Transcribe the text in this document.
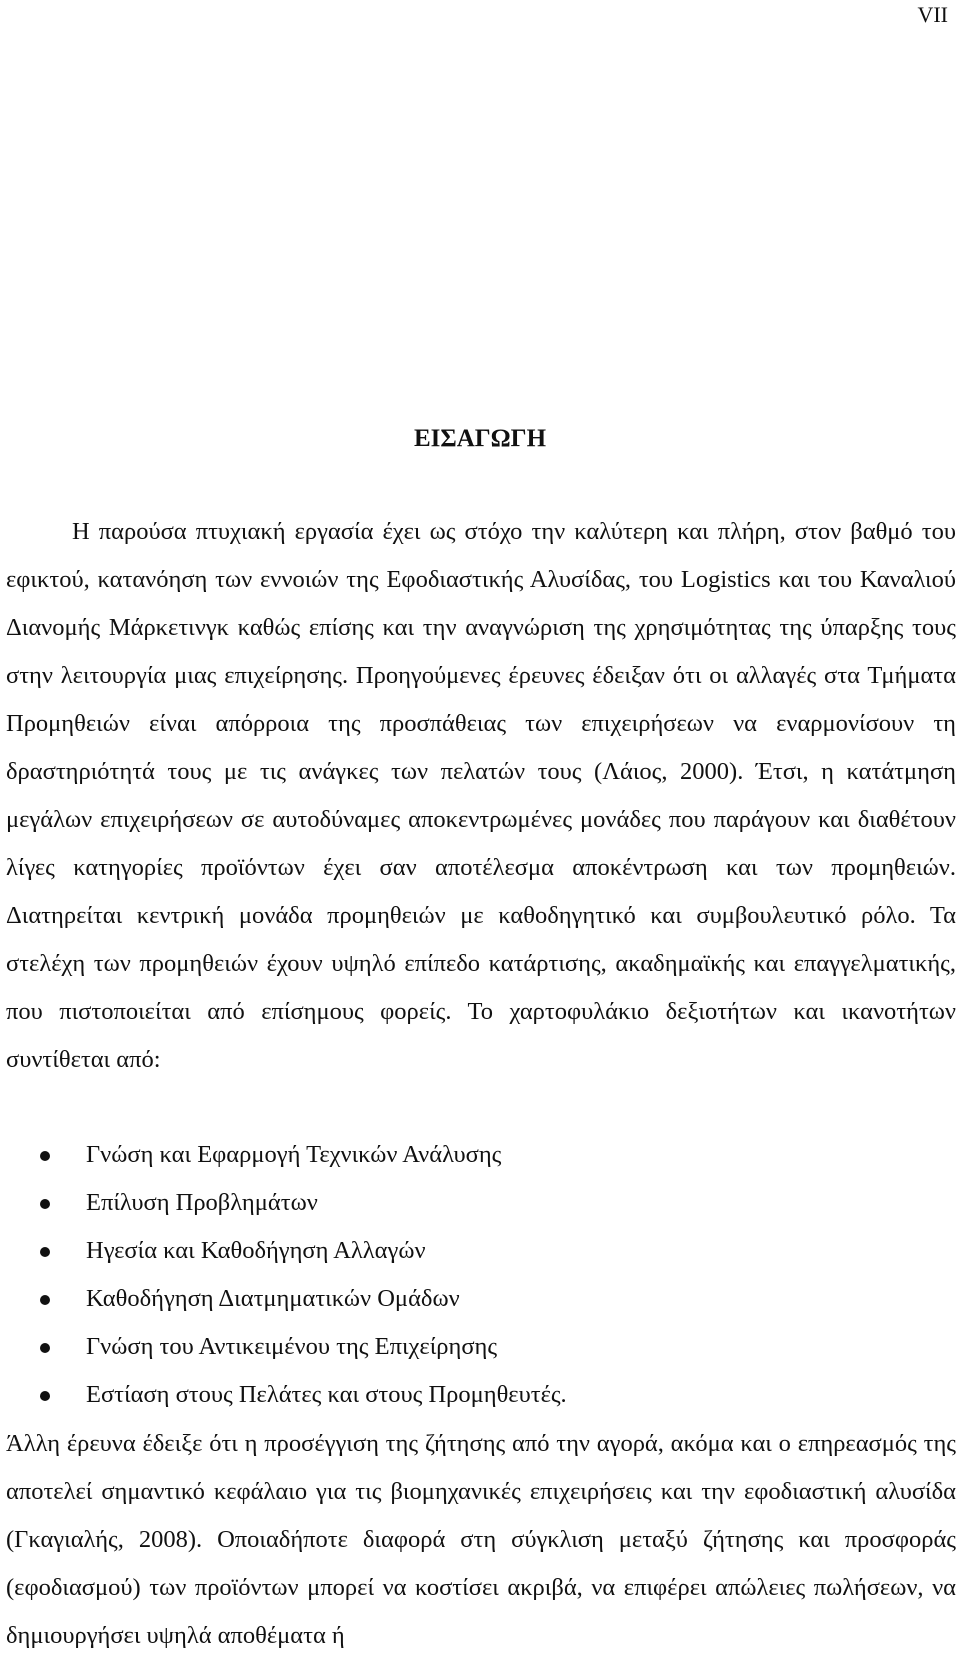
VII
ΕΙΣΑΓΩΓΗ

Η παρούσα πτυχιακή εργασία έχει ως στόχο την καλύτερη και πλήρη, στον βαθμό του εφικτού, κατανόηση των εννοιών της Εφοδιαστικής Αλυσίδας, του Logistics και του Καναλιού Διανομής Μάρκετινγκ καθώς επίσης και την αναγνώριση της χρησιμότητας της ύπαρξης τους στην λειτουργία μιας επιχείρησης. Προηγούμενες έρευνες έδειξαν ότι οι αλλαγές στα Τμήματα Προμηθειών είναι απόρροια της προσπάθειας των επιχειρήσεων να εναρμονίσουν τη δραστηριότητά τους με τις ανάγκες των πελατών τους (Λάιος, 2000). Έτσι, η κατάτμηση μεγάλων επιχειρήσεων σε αυτοδύναμες αποκεντρωμένες μονάδες που παράγουν και διαθέτουν λίγες κατηγορίες προϊόντων έχει σαν αποτέλεσμα αποκέντρωση και των προμηθειών. Διατηρείται κεντρική μονάδα προμηθειών με καθοδηγητικό και συμβουλευτικό ρόλο. Τα στελέχη των προμηθειών έχουν υψηλό επίπεδο κατάρτισης, ακαδημαϊκής και επαγγελματικής, που πιστοποιείται από επίσημους φορείς. Το χαρτοφυλάκιο δεξιοτήτων και ικανοτήτων συντίθεται από:

Γνώση και Εφαρμογή Τεχνικών Ανάλυσης
Επίλυση Προβλημάτων
Ηγεσία και Καθοδήγηση Αλλαγών
Καθοδήγηση Διατμηματικών Ομάδων
Γνώση του Αντικειμένου της Επιχείρησης
Εστίαση στους Πελάτες και στους Προμηθευτές.

Άλλη έρευνα έδειξε ότι η προσέγγιση της ζήτησης από την αγορά, ακόμα και ο επηρεασμός της αποτελεί σημαντικό κεφάλαιο για τις βιομηχανικές επιχειρήσεις και την εφοδιαστική αλυσίδα (Γκαγιαλής, 2008). Οποιαδήποτε διαφορά στη σύγκλιση μεταξύ ζήτησης και προσφοράς (εφοδιασμού) των προϊόντων μπορεί να κοστίσει ακριβά, να επιφέρει απώλειες πωλήσεων, να δημιουργήσει υψηλά αποθέματα ή
